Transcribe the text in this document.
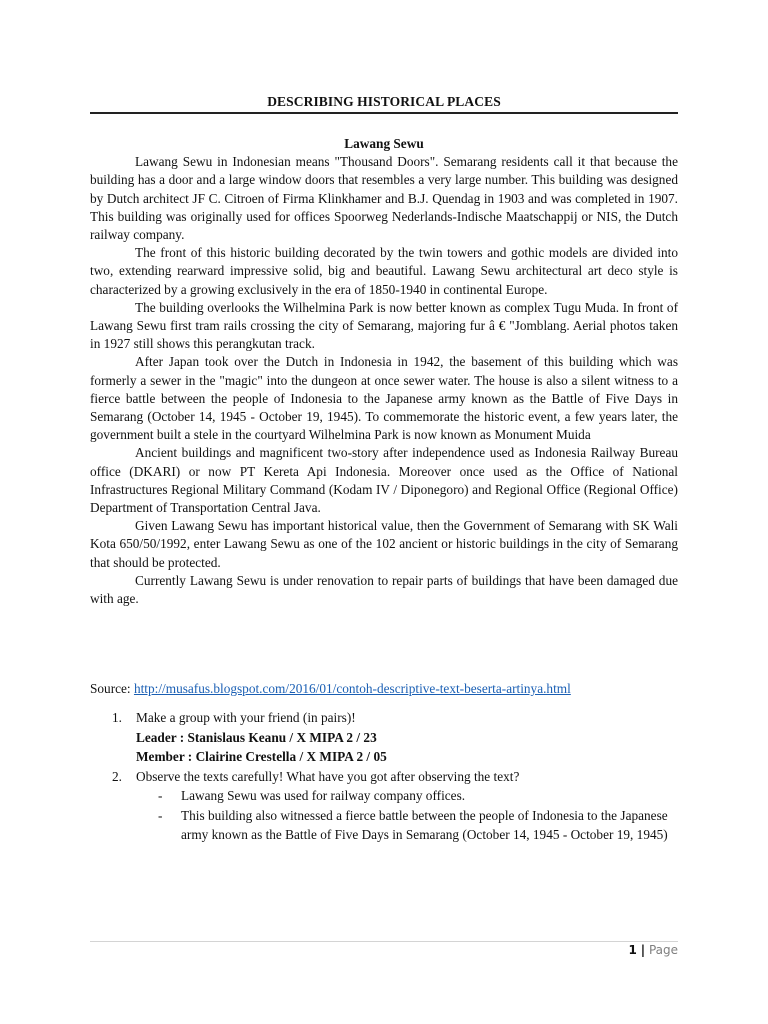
DESCRIBING HISTORICAL PLACES

Lawang Sewu

Lawang Sewu in Indonesian means "Thousand Doors". Semarang residents call it that because the building has a door and a large window doors that resembles a very large number. This building was designed by Dutch architect JF C. Citroen of Firma Klinkhamer and B.J. Quendag in 1903 and was completed in 1907. This building was originally used for offices Spoorweg Nederlands-Indische Maatschappij or NIS, the Dutch railway company.

The front of this historic building decorated by the twin towers and gothic models are divided into two, extending rearward impressive solid, big and beautiful. Lawang Sewu architectural art deco style is characterized by a growing exclusively in the era of 1850-1940 in continental Europe.

The building overlooks the Wilhelmina Park is now better known as complex Tugu Muda. In front of Lawang Sewu first tram rails crossing the city of Semarang, majoring fur â € "Jomblang. Aerial photos taken in 1927 still shows this perangkutan track.

After Japan took over the Dutch in Indonesia in 1942, the basement of this building which was formerly a sewer in the "magic" into the dungeon at once sewer water. The house is also a silent witness to a fierce battle between the people of Indonesia to the Japanese army known as the Battle of Five Days in Semarang (October 14, 1945 - October 19, 1945). To commemorate the historic event, a few years later, the government built a stele in the courtyard Wilhelmina Park is now known as Monument Muida

Ancient buildings and magnificent two-story after independence used as Indonesia Railway Bureau office (DKARI) or now PT Kereta Api Indonesia. Moreover once used as the Office of National Infrastructures Regional Military Command (Kodam IV / Diponegoro) and Regional Office (Regional Office) Department of Transportation Central Java.

Given Lawang Sewu has important historical value, then the Government of Semarang with SK Wali Kota 650/50/1992, enter Lawang Sewu as one of the 102 ancient or historic buildings in the city of Semarang that should be protected.

Currently Lawang Sewu is under renovation to repair parts of buildings that have been damaged due with age.

Source: http://musafus.blogspot.com/2016/01/contoh-descriptive-text-beserta-artinya.html
1. Make a group with your friend (in pairs)!
Leader : Stanislaus Keanu / X MIPA 2 / 23
Member : Clairine Crestella / X MIPA 2 / 05
2. Observe the texts carefully! What have you got after observing the text?
- Lawang Sewu was used for railway company offices.
- This building also witnessed a fierce battle between the people of Indonesia to the Japanese army known as the Battle of Five Days in Semarang (October 14, 1945 - October 19, 1945)
1 | Page
